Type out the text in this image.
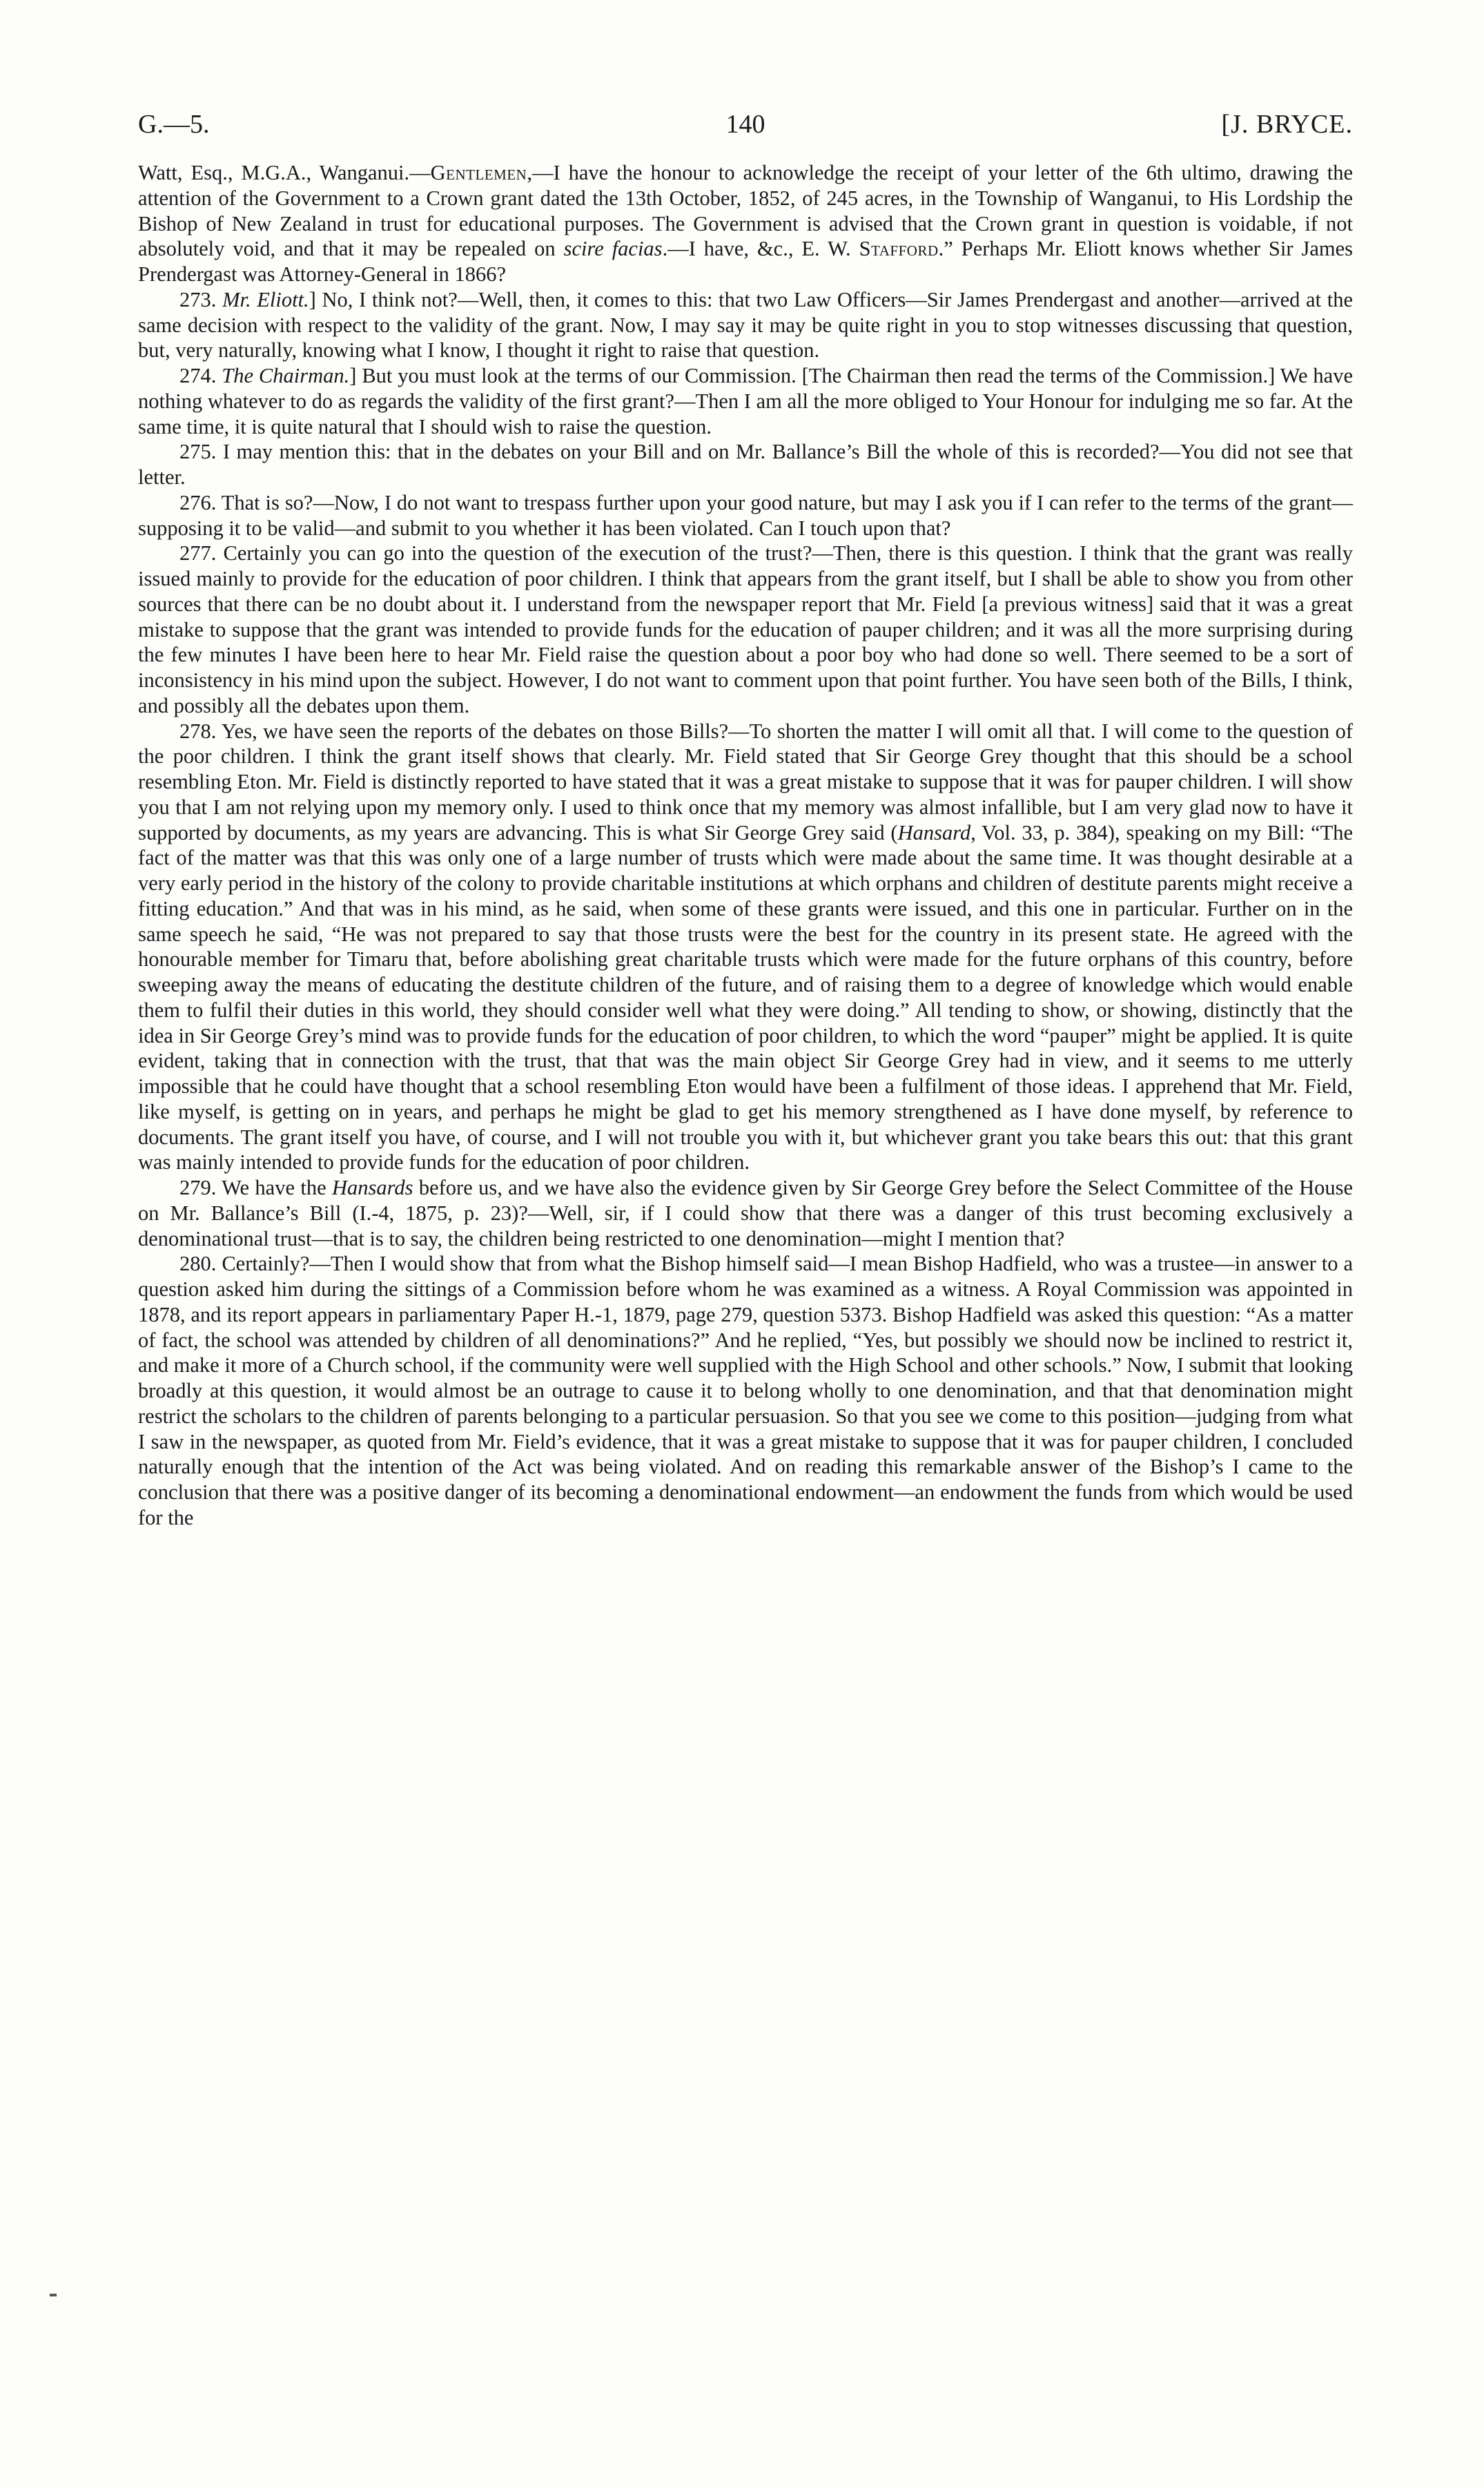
G.—5.	140	[J. BRYCE.

Watt, Esq., M.G.A., Wanganui.—Gentlemen,—I have the honour to acknowledge the receipt of your letter of the 6th ultimo, drawing the attention of the Government to a Crown grant dated the 13th October, 1852, of 245 acres, in the Township of Wanganui, to His Lordship the Bishop of New Zealand in trust for educational purposes. The Government is advised that the Crown grant in question is voidable, if not absolutely void, and that it may be repealed on scire facias.—I have, &c., E. W. Stafford.” Perhaps Mr. Eliott knows whether Sir James Prendergast was Attorney-General in 1866?

273. Mr. Eliott.] No, I think not?—Well, then, it comes to this: that two Law Officers—Sir James Prendergast and another—arrived at the same decision with respect to the validity of the grant. Now, I may say it may be quite right in you to stop witnesses discussing that question, but, very naturally, knowing what I know, I thought it right to raise that question.

274. The Chairman.] But you must look at the terms of our Commission. [The Chairman then read the terms of the Commission.] We have nothing whatever to do as regards the validity of the first grant?—Then I am all the more obliged to Your Honour for indulging me so far. At the same time, it is quite natural that I should wish to raise the question.

275. I may mention this: that in the debates on your Bill and on Mr. Ballance’s Bill the whole of this is recorded?—You did not see that letter.

276. That is so?—Now, I do not want to trespass further upon your good nature, but may I ask you if I can refer to the terms of the grant—supposing it to be valid—and submit to you whether it has been violated. Can I touch upon that?

277. Certainly you can go into the question of the execution of the trust?—Then, there is this question. I think that the grant was really issued mainly to provide for the education of poor children. I think that appears from the grant itself, but I shall be able to show you from other sources that there can be no doubt about it. I understand from the newspaper report that Mr. Field [a previous witness] said that it was a great mistake to suppose that the grant was intended to provide funds for the education of pauper children; and it was all the more surprising during the few minutes I have been here to hear Mr. Field raise the question about a poor boy who had done so well. There seemed to be a sort of inconsistency in his mind upon the subject. However, I do not want to comment upon that point further. You have seen both of the Bills, I think, and possibly all the debates upon them.

278. Yes, we have seen the reports of the debates on those Bills?—To shorten the matter I will omit all that. I will come to the question of the poor children. I think the grant itself shows that clearly. Mr. Field stated that Sir George Grey thought that this should be a school resembling Eton. Mr. Field is distinctly reported to have stated that it was a great mistake to suppose that it was for pauper children. I will show you that I am not relying upon my memory only. I used to think once that my memory was almost infallible, but I am very glad now to have it supported by documents, as my years are advancing. This is what Sir George Grey said (Hansard, Vol. 33, p. 384), speaking on my Bill: “The fact of the matter was that this was only one of a large number of trusts which were made about the same time. It was thought desirable at a very early period in the history of the colony to provide charitable institutions at which orphans and children of destitute parents might receive a fitting education.” And that was in his mind, as he said, when some of these grants were issued, and this one in particular. Further on in the same speech he said, “He was not prepared to say that those trusts were the best for the country in its present state. He agreed with the honourable member for Timaru that, before abolishing great charitable trusts which were made for the future orphans of this country, before sweeping away the means of educating the destitute children of the future, and of raising them to a degree of knowledge which would enable them to fulfil their duties in this world, they should consider well what they were doing.” All tending to show, or showing, distinctly that the idea in Sir George Grey’s mind was to provide funds for the education of poor children, to which the word “pauper” might be applied. It is quite evident, taking that in connection with the trust, that that was the main object Sir George Grey had in view, and it seems to me utterly impossible that he could have thought that a school resembling Eton would have been a fulfilment of those ideas. I apprehend that Mr. Field, like myself, is getting on in years, and perhaps he might be glad to get his memory strengthened as I have done myself, by reference to documents. The grant itself you have, of course, and I will not trouble you with it, but whichever grant you take bears this out: that this grant was mainly intended to provide funds for the education of poor children.

279. We have the Hansards before us, and we have also the evidence given by Sir George Grey before the Select Committee of the House on Mr. Ballance’s Bill (I.-4, 1875, p. 23)?—Well, sir, if I could show that there was a danger of this trust becoming exclusively a denominational trust—that is to say, the children being restricted to one denomination—might I mention that?

280. Certainly?—Then I would show that from what the Bishop himself said—I mean Bishop Hadfield, who was a trustee—in answer to a question asked him during the sittings of a Commission before whom he was examined as a witness. A Royal Commission was appointed in 1878, and its report appears in parliamentary Paper H.-1, 1879, page 279, question 5373. Bishop Hadfield was asked this question: “As a matter of fact, the school was attended by children of all denominations?” And he replied, “Yes, but possibly we should now be inclined to restrict it, and make it more of a Church school, if the community were well supplied with the High School and other schools.” Now, I submit that looking broadly at this question, it would almost be an outrage to cause it to belong wholly to one denomination, and that that denomination might restrict the scholars to the children of parents belonging to a particular persuasion. So that you see we come to this position—judging from what I saw in the newspaper, as quoted from Mr. Field’s evidence, that it was a great mistake to suppose that it was for pauper children, I concluded naturally enough that the intention of the Act was being violated. And on reading this remarkable answer of the Bishop’s I came to the conclusion that there was a positive danger of its becoming a denominational endowment—an endowment the funds from which would be used for the
